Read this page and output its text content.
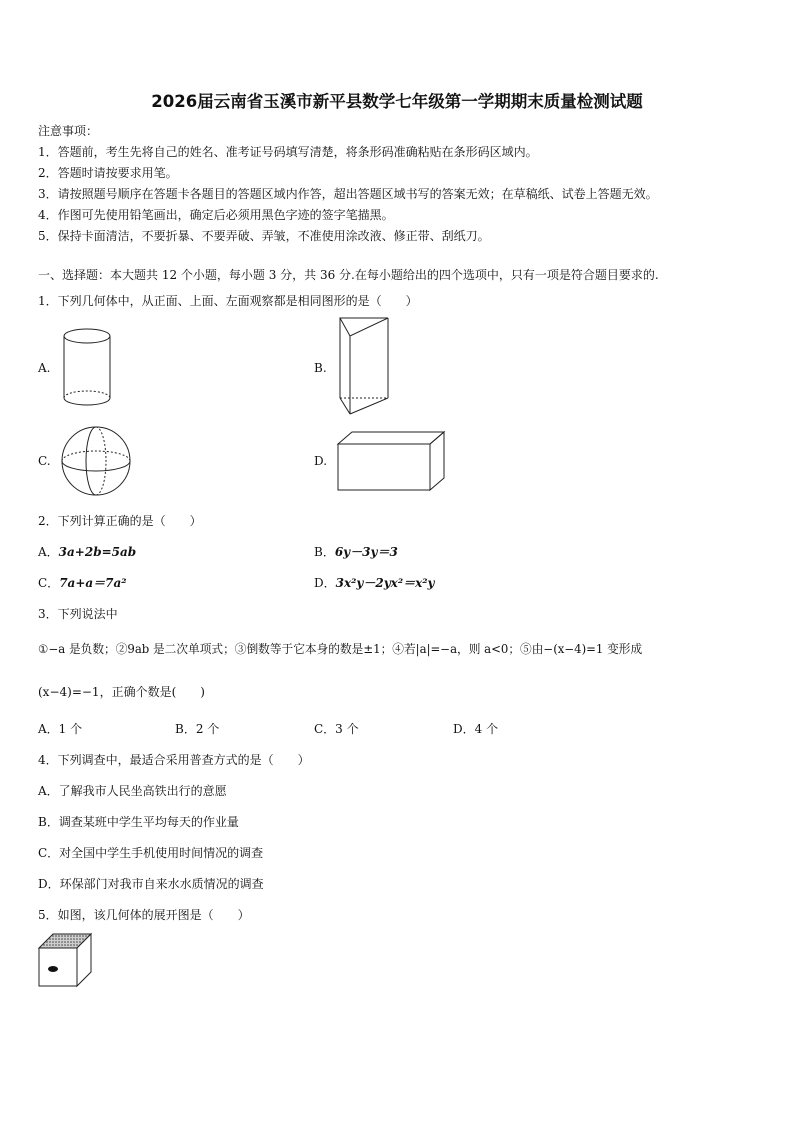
2026届云南省玉溪市新平县数学七年级第一学期期末质量检测试题
注意事项：
1．答题前，考生先将自己的姓名、准考证号码填写清楚，将条形码准确粘贴在条形码区域内。
2．答题时请按要求用笔。
3．请按照题号顺序在答题卡各题目的答题区域内作答，超出答题区域书写的答案无效；在草稿纸、试卷上答题无效。
4．作图可先使用铅笔画出，确定后必须用黑色字迹的签字笔描黑。
5．保持卡面清洁，不要折暴、不要弄破、弄皱，不准使用涂改液、修正带、刮纸刀。
一、选择题：本大题共 12 个小题，每小题 3 分，共 36 分.在每小题给出的四个选项中，只有一项是符合题目要求的.
1．下列几何体中，从正面、上面、左面观察都是相同图形的是（　　）
A.	B.
C.	D.
2．下列计算正确的是（　　）
A．3a+2b=5ab	B．6y－3y＝3
C．7a+a＝7a²	D．3x²y－2yx²＝x²y
3．下列说法中
①−a 是负数；②9ab 是二次单项式；③倒数等于它本身的数是±1；④若|a|=−a，则 a<0；⑤由−(x−4)=1 变形成
(x−4)=−1，正确个数是(　　)
A．1 个	B．2 个	C．3 个	D．4 个
4．下列调查中，最适合采用普查方式的是（　　）
A．了解我市人民坐高铁出行的意愿
B．调查某班中学生平均每天的作业量
C．对全国中学生手机使用时间情况的调查
D．环保部门对我市自来水水质情况的调查
5．如图，该几何体的展开图是（　　）
